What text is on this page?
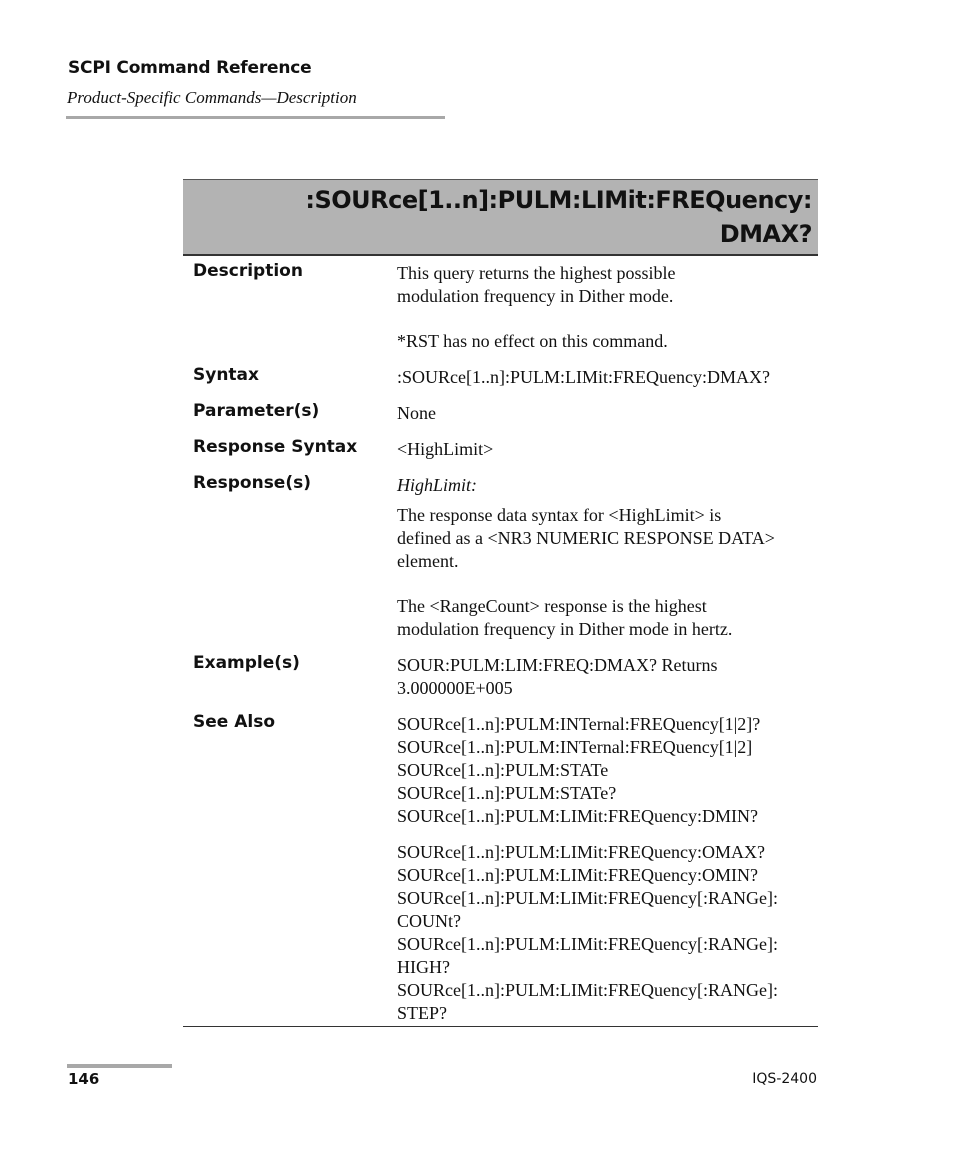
SCPI Command Reference
Product-Specific Commands—Description
:SOURce[1..n]:PULM:LIMit:FREQuency:
DMAX?
Description	This query returns the highest possible
modulation frequency in Dither mode.
*RST has no effect on this command.
Syntax	:SOURce[1..n]:PULM:LIMit:FREQuency:DMAX?
Parameter(s)	None
Response Syntax <HighLimit>
Response(s)	HighLimit:
The response data syntax for <HighLimit> is
defined as a <NR3 NUMERIC RESPONSE DATA>
element.
The <RangeCount> response is the highest
modulation frequency in Dither mode in hertz.
Example(s)	SOUR:PULM:LIM:FREQ:DMAX? Returns
3.000000E+005
See Also	SOURce[1..n]:PULM:INTernal:FREQuency[1|2]?
SOURce[1..n]:PULM:INTernal:FREQuency[1|2]
SOURce[1..n]:PULM:STATe
SOURce[1..n]:PULM:STATe?
SOURce[1..n]:PULM:LIMit:FREQuency:DMIN?
SOURce[1..n]:PULM:LIMit:FREQuency:OMAX?
SOURce[1..n]:PULM:LIMit:FREQuency:OMIN?
SOURce[1..n]:PULM:LIMit:FREQuency[:RANGe]:
COUNt?
SOURce[1..n]:PULM:LIMit:FREQuency[:RANGe]:
HIGH?
SOURce[1..n]:PULM:LIMit:FREQuency[:RANGe]:
STEP?
146	IQS-2400
